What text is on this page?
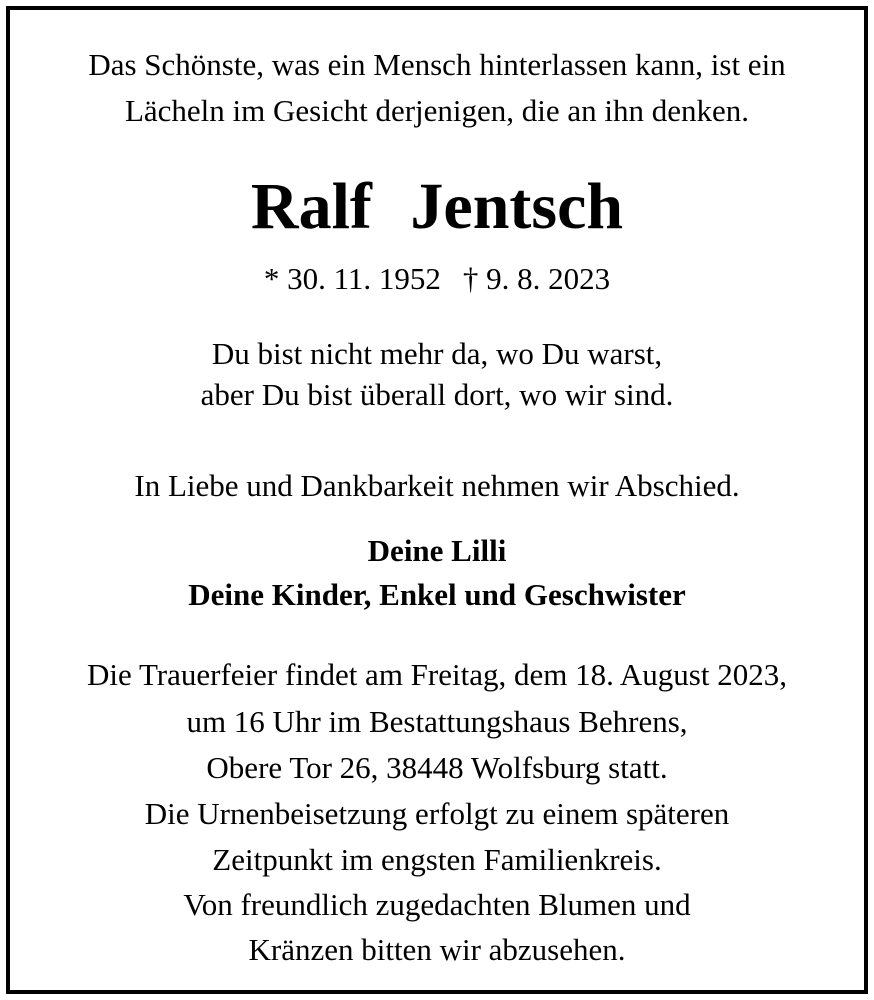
Das Schönste, was ein Mensch hinterlassen kann, ist ein
Lächeln im Gesicht derjenigen, die an ihn denken.
Ralf Jentsch
* 30. 11. 1952 † 9. 8. 2023
Du bist nicht mehr da, wo Du warst,
aber Du bist überall dort, wo wir sind.
In Liebe und Dankbarkeit nehmen wir Abschied.
Deine Lilli
Deine Kinder, Enkel und Geschwister
Die Trauerfeier findet am Freitag, dem 18. August 2023,
um 16 Uhr im Bestattungshaus Behrens,
Obere Tor 26, 38448 Wolfsburg statt.
Die Urnenbeisetzung erfolgt zu einem späteren
Zeitpunkt im engsten Familienkreis.
Von freundlich zugedachten Blumen und
Kränzen bitten wir abzusehen.
